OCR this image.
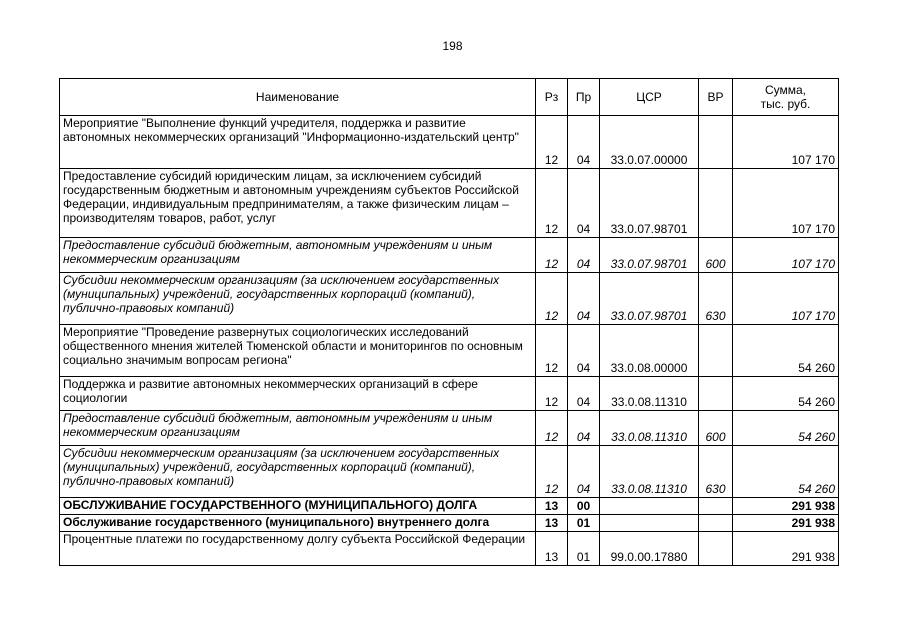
198
Наименование	Рз	Пр	ЦСР	ВР	Сумма,
тыс. руб.
Мероприятие "Выполнение функций учредителя, поддержка и развитие автономных некоммерческих организаций "Информационно-издательский центр"	12	04	33.0.07.00000		107 170
Предоставление субсидий юридическим лицам, за исключением субсидий государственным бюджетным и автономным учреждениям субъектов Российской Федерации, индивидуальным предпринимателям, а также физическим лицам – производителям товаров, работ, услуг	12	04	33.0.07.98701		107 170
Предоставление субсидий бюджетным, автономным учреждениям и иным некоммерческим организациям	12	04	33.0.07.98701	600	107 170
Субсидии некоммерческим организациям (за исключением государственных (муниципальных) учреждений, государственных корпораций (компаний), публично-правовых компаний)	12	04	33.0.07.98701	630	107 170
Мероприятие "Проведение развернутых социологических исследований общественного мнения жителей Тюменской области и мониторингов по основным социально значимым вопросам региона"	12	04	33.0.08.00000		54 260
Поддержка и развитие автономных некоммерческих организаций в сфере социологии	12	04	33.0.08.11310		54 260
Предоставление субсидий бюджетным, автономным учреждениям и иным некоммерческим организациям	12	04	33.0.08.11310	600	54 260
Субсидии некоммерческим организациям (за исключением государственных (муниципальных) учреждений, государственных корпораций (компаний), публично-правовых компаний)	12	04	33.0.08.11310	630	54 260
ОБСЛУЖИВАНИЕ ГОСУДАРСТВЕННОГО (МУНИЦИПАЛЬНОГО) ДОЛГА	13	00			291 938
Обслуживание государственного (муниципального) внутреннего долга	13	01			291 938
Процентные платежи по государственному долгу субъекта Российской Федерации	13	01	99.0.00.17880		291 938
